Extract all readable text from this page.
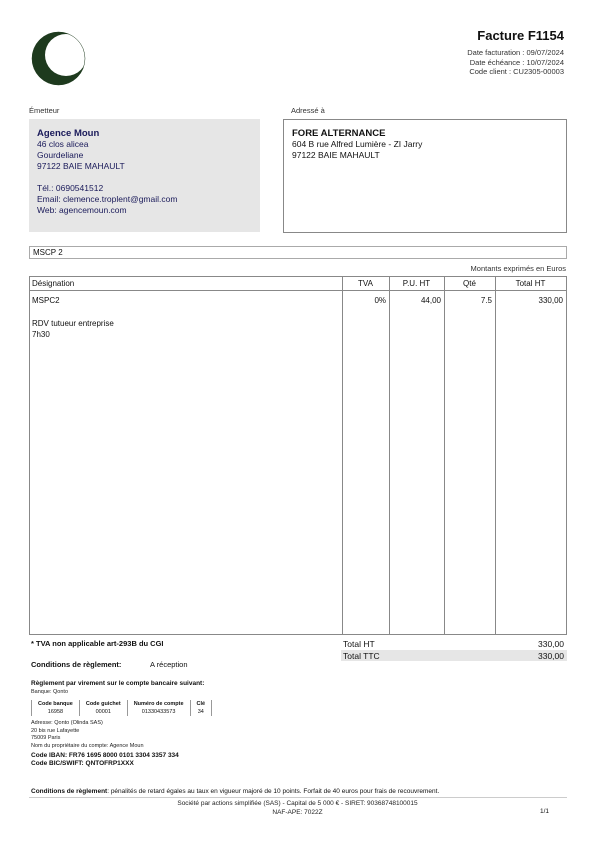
Facture F1154
Date facturation : 09/07/2024
Date échéance : 10/07/2024
Code client : CU2305-00003
Émetteur	Adressé à
Agence Moun
46 clos alicea
Gourdeliane
97122 BAIE MAHAULT
Tél.: 0690541512
Email: clemence.troplent@gmail.com
Web: agencemoun.com
FORE ALTERNANCE
604 B rue Alfred Lumière - ZI Jarry
97122 BAIE MAHAULT
MSCP 2
Montants exprimés en Euros
Désignation	TVA	P.U. HT	Qté	Total HT
MSPC2	0%	44,00	7.5	330,00
RDV tutueur entreprise
7h30
* TVA non applicable art-293B du CGI	Total HT	330,00
Total TTC	330,00
Conditions de règlement:	A réception
Règlement par virement sur le compte bancaire suivant:
Banque: Qonto
Code banque	Code guichet	Numéro de compte	Clé
16958	00001	01330433573	34
Adresse: Qonto (Olinda SAS)
20 bis rue Lafayette
75009 Paris
Nom du propriétaire du compte: Agence Moun
Code IBAN: FR76 1695 8000 0101 3304 3357 334
Code BIC/SWIFT: QNTOFRP1XXX
Conditions de règlement: pénalités de retard égales au taux en vigueur majoré de 10 points. Forfait de 40 euros pour frais de recouvrement.
Société par actions simplifiée (SAS) - Capital de 5 000 € - SIRET: 90368748100015
NAF-APE: 7022Z	1/1
